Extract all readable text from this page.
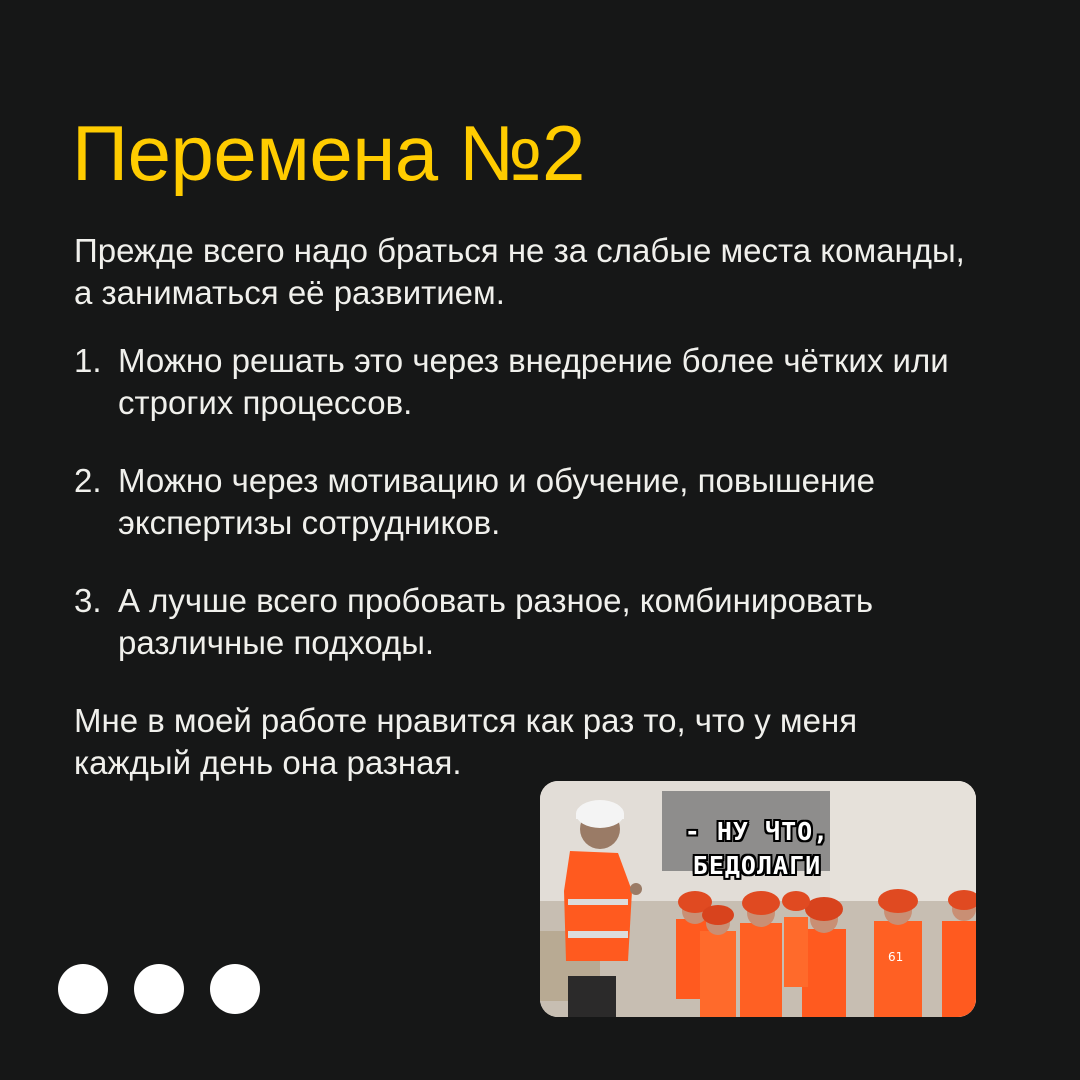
Перемена №2

Прежде всего надо браться не за слабые места команды, а заниматься её развитием.

1. Можно решать это через внедрение более чётких или строгих процессов.
2. Можно через мотивацию и обучение, повышение экспертизы сотрудников.
3. А лучше всего пробовать разное, комбинировать различные подходы.

Мне в моей работе нравится как раз то, что у меня каждый день она разная.

61
- НУ ЧТО,
БЕДОЛАГИ
